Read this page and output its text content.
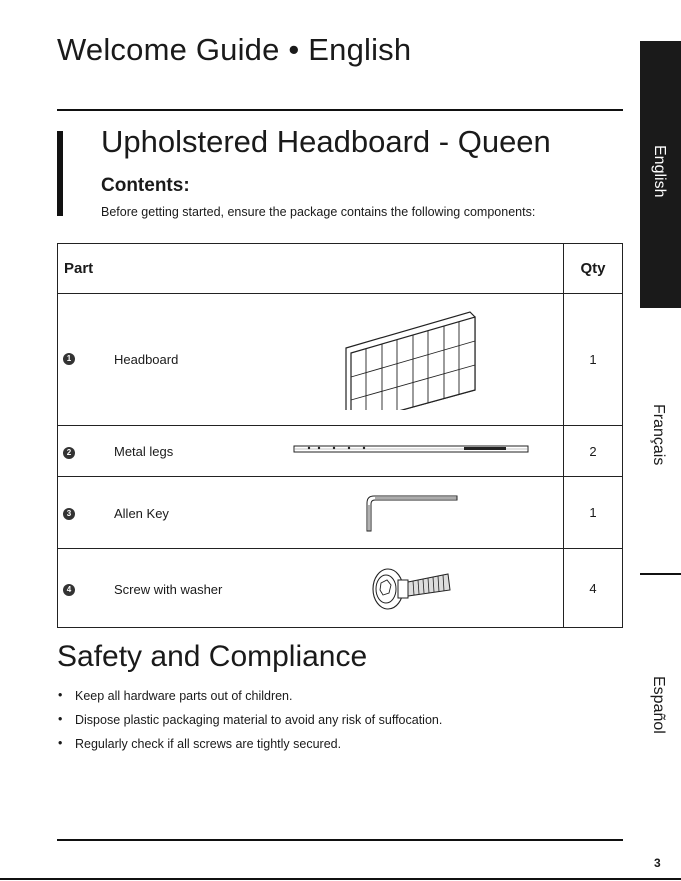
Welcome Guide • English
Upholstered Headboard - Queen
Contents:
Before getting started, ensure the package contains the following components:
Part	Qty

1 Headboard	1

2 Metal legs	2

3 Allen Key	1

4 Screw with washer	4
Safety and Compliance
• Keep all hardware parts out of children.
• Dispose plastic packaging material to avoid any risk of suffocation.
• Regularly check if all screws are tightly secured.
3
English
Français
Español
